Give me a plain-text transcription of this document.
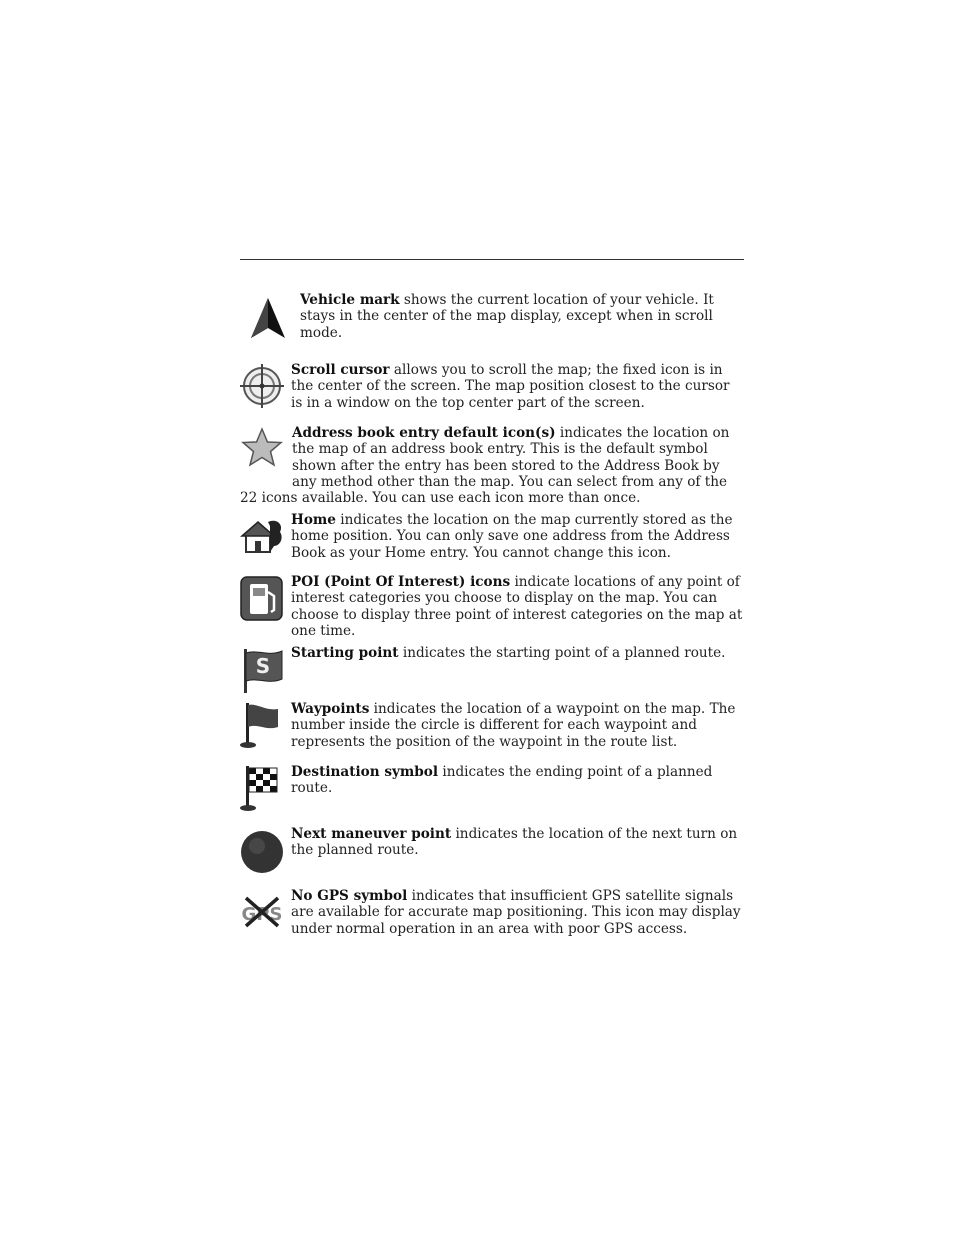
Vehicle mark shows the current location of your vehicle. It stays in the center of the map display, except when in scroll mode.
Scroll cursor allows you to scroll the map; the fixed icon is in the center of the screen. The map position closest to the cursor is in a window on the top center part of the screen.
Address book entry default icon(s) indicates the location on the map of an address book entry. This is the default symbol shown after the entry has been stored to the Address Book by any method other than the map. You can select from any of the 22 icons available. You can use each icon more than once.
Home indicates the location on the map currently stored as the home position. You can only save one address from the Address Book as your Home entry. You cannot change this icon.
POI (Point Of Interest) icons indicate locations of any point of interest categories you choose to display on the map. You can choose to display three point of interest categories on the map at one time.
S
Starting point indicates the starting point of a planned route.
Waypoints indicates the location of a waypoint on the map. The number inside the circle is different for each waypoint and represents the position of the waypoint in the route list.
Destination symbol indicates the ending point of a planned route.
Next maneuver point indicates the location of the next turn on the planned route.
GPS
No GPS symbol indicates that insufficient GPS satellite signals are available for accurate map positioning. This icon may display under normal operation in an area with poor GPS access.
